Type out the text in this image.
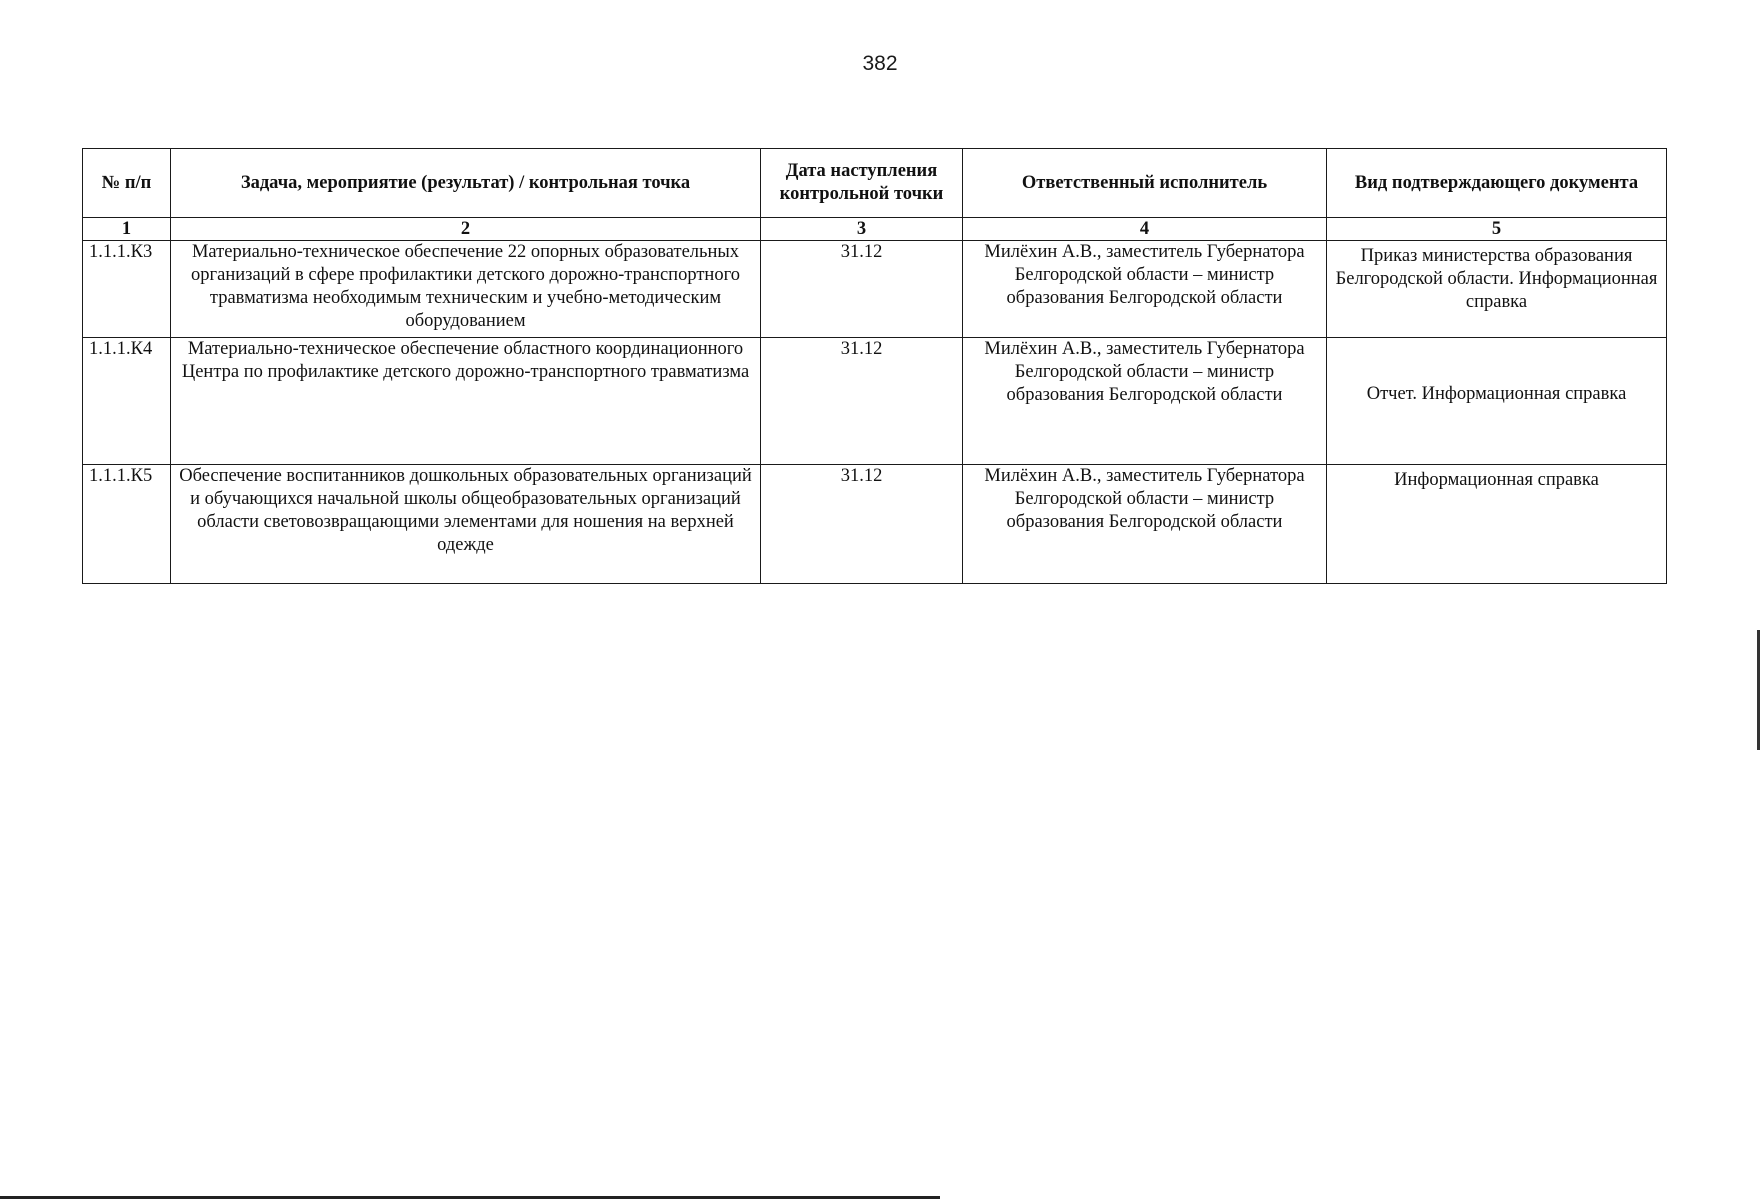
382
№ п/п	Задача, мероприятие (результат) / контрольная точка	Дата наступления контрольной точки	Ответственный исполнитель	Вид подтверждающего документа
1	2	3	4	5
1.1.1.К3	Материально-техническое обеспечение 22 опорных образовательных организаций в сфере профилактики детского дорожно-транспортного травматизма необходимым техническим и учебно-методическим оборудованием	31.12	Милёхин А.В., заместитель Губернатора Белгородской области – министр образования Белгородской области	Приказ министерства образования Белгородской области. Информационная справка
1.1.1.К4	Материально-техническое обеспечение областного координационного Центра по профилактике детского дорожно-транспортного травматизма	31.12	Милёхин А.В., заместитель Губернатора Белгородской области – министр образования Белгородской области	Отчет. Информационная справка
1.1.1.К5	Обеспечение воспитанников дошкольных образовательных организаций и обучающихся начальной школы общеобразовательных организаций области световозвращающими элементами для ношения на верхней одежде	31.12	Милёхин А.В., заместитель Губернатора Белгородской области – министр образования Белгородской области	Информационная справка
